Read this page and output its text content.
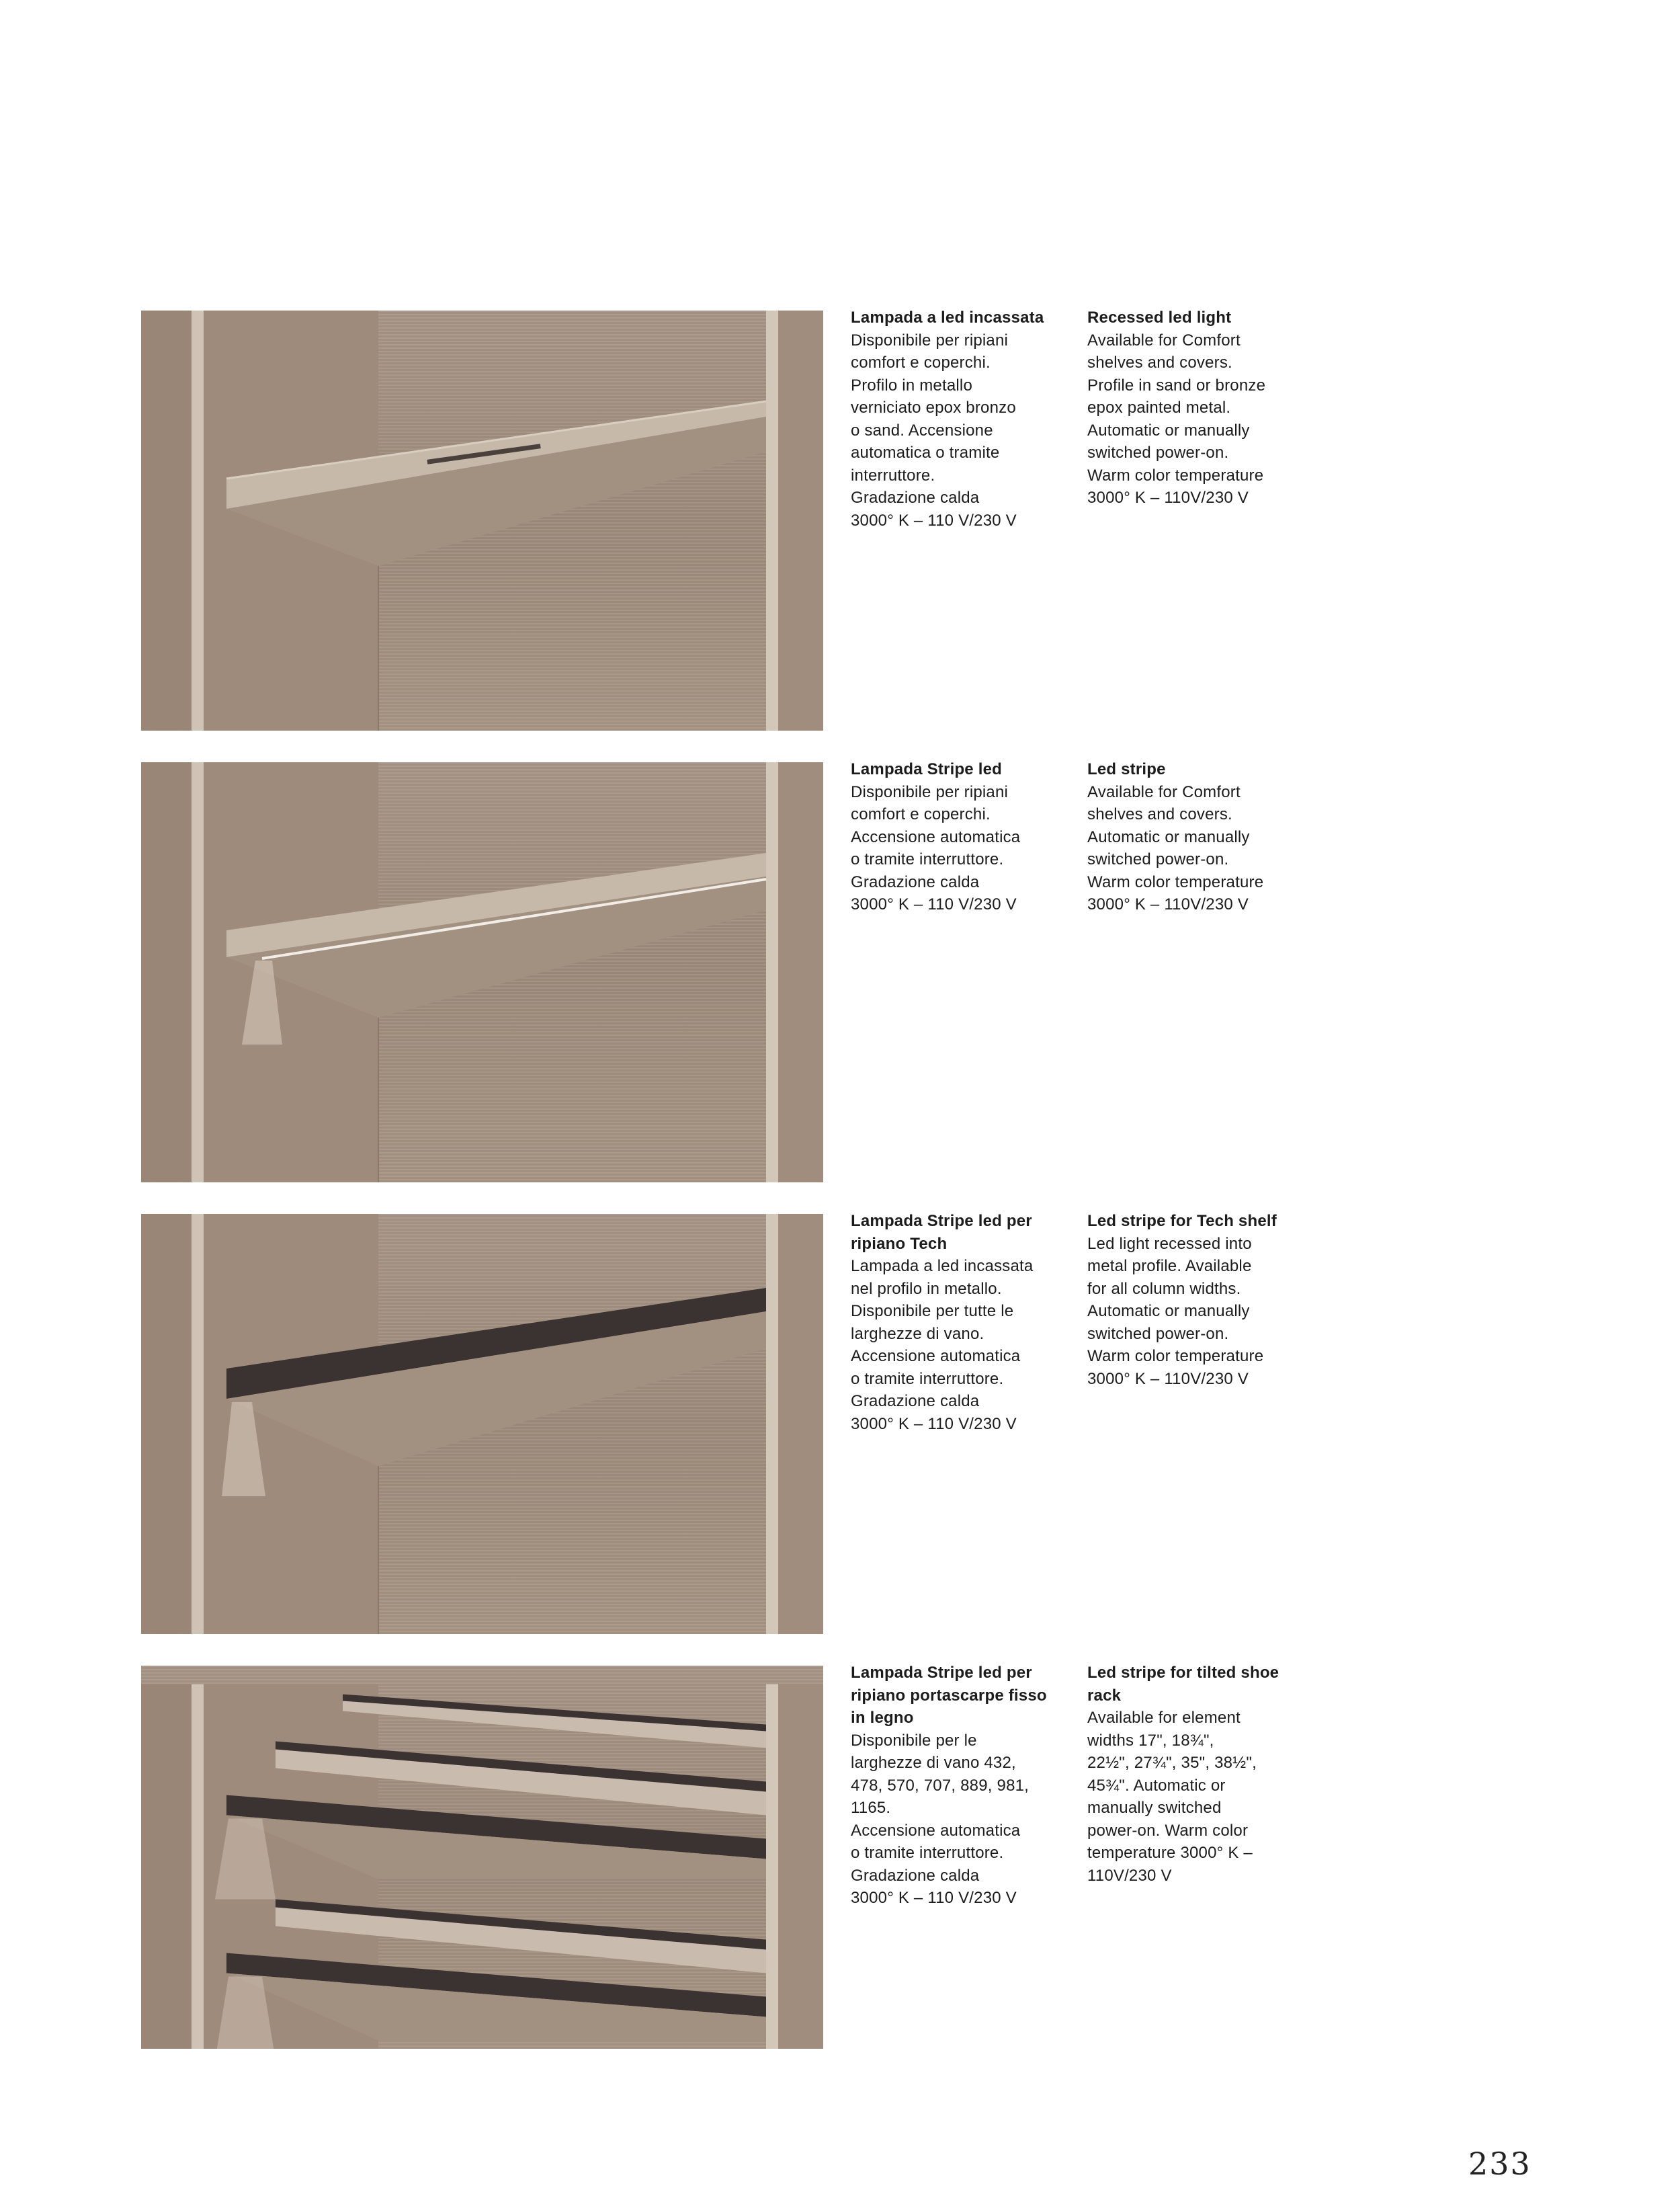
Lampada a led incassata
Disponibile per ripiani
comfort e coperchi.
Profilo in metallo
verniciato epox bronzo
o sand. Accensione
automatica o tramite
interruttore.
Gradazione calda
3000° K – 110 V/230 V
Recessed led light
Available for Comfort
shelves and covers.
Profile in sand or bronze
epox painted metal.
Automatic or manually
switched power-on.
Warm color temperature
3000° K – 110V/230 V
Lampada Stripe led
Disponibile per ripiani
comfort e coperchi.
Accensione automatica
o tramite interruttore.
Gradazione calda
3000° K – 110 V/230 V
Led stripe
Available for Comfort
shelves and covers.
Automatic or manually
switched power-on.
Warm color temperature
3000° K – 110V/230 V
Lampada Stripe led per
ripiano Tech
Lampada a led incassata
nel profilo in metallo.
Disponibile per tutte le
larghezze di vano.
Accensione automatica
o tramite interruttore.
Gradazione calda
3000° K – 110 V/230 V
Led stripe for Tech shelf
Led light recessed into
metal profile. Available
for all column widths.
Automatic or manually
switched power-on.
Warm color temperature
3000° K – 110V/230 V
Lampada Stripe led per
ripiano portascarpe fisso
in legno
Disponibile per le
larghezze di vano 432,
478, 570, 707, 889, 981,
1165.
Accensione automatica
o tramite interruttore.
Gradazione calda
3000° K – 110 V/230 V
Led stripe for tilted shoe
rack
Available for element
widths 17", 18¾",
22½", 27¾", 35", 38½",
45¾". Automatic or
manually switched
power-on. Warm color
temperature 3000° K –
110V/230 V
233
